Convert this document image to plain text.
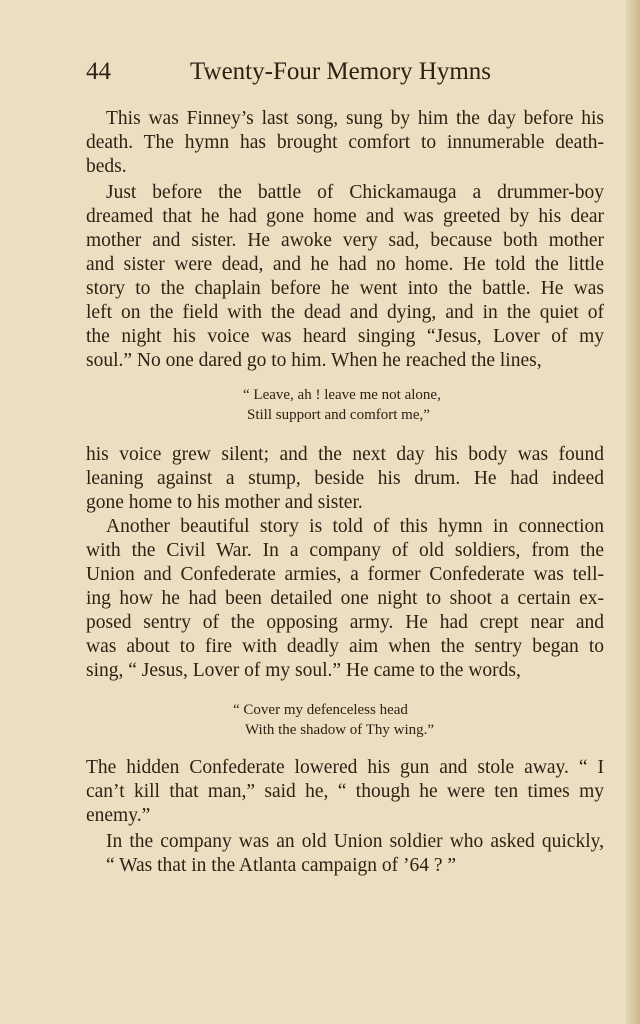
44	Twenty-Four Memory Hymns
This was Finney’s last song, sung by him the day before his
death. The hymn has brought comfort to innumerable death-
beds.
Just before the battle of Chickamauga a drummer-boy
dreamed that he had gone home and was greeted by his dear
mother and sister. He awoke very sad, because both mother
and sister were dead, and he had no home. He told the little
story to the chaplain before he went into the battle. He was
left on the field with the dead and dying, and in the quiet of
the night his voice was heard singing “Jesus, Lover of my
soul.” No one dared go to him. When he reached the lines,
his voice grew silent; and the next day his body was found
leaning against a stump, beside his drum. He had indeed
gone home to his mother and sister.
Another beautiful story is told of this hymn in connection
with the Civil War. In a company of old soldiers, from the
Union and Confederate armies, a former Confederate was tell-
ing how he had been detailed one night to shoot a certain ex-
posed sentry of the opposing army. He had crept near and
was about to fire with deadly aim when the sentry began to
sing, “ Jesus, Lover of my soul.” He came to the words,
The hidden Confederate lowered his gun and stole away. “ I
can’t kill that man,” said he, “ though he were ten times my
enemy.”
In the company was an old Union soldier who asked quickly,
“ Was that in the Atlanta campaign of ’64 ? ”
“ Leave, ah ! leave me not alone,
Still support and comfort me,”
“ Cover my defenceless head
With the shadow of Thy wing.”
